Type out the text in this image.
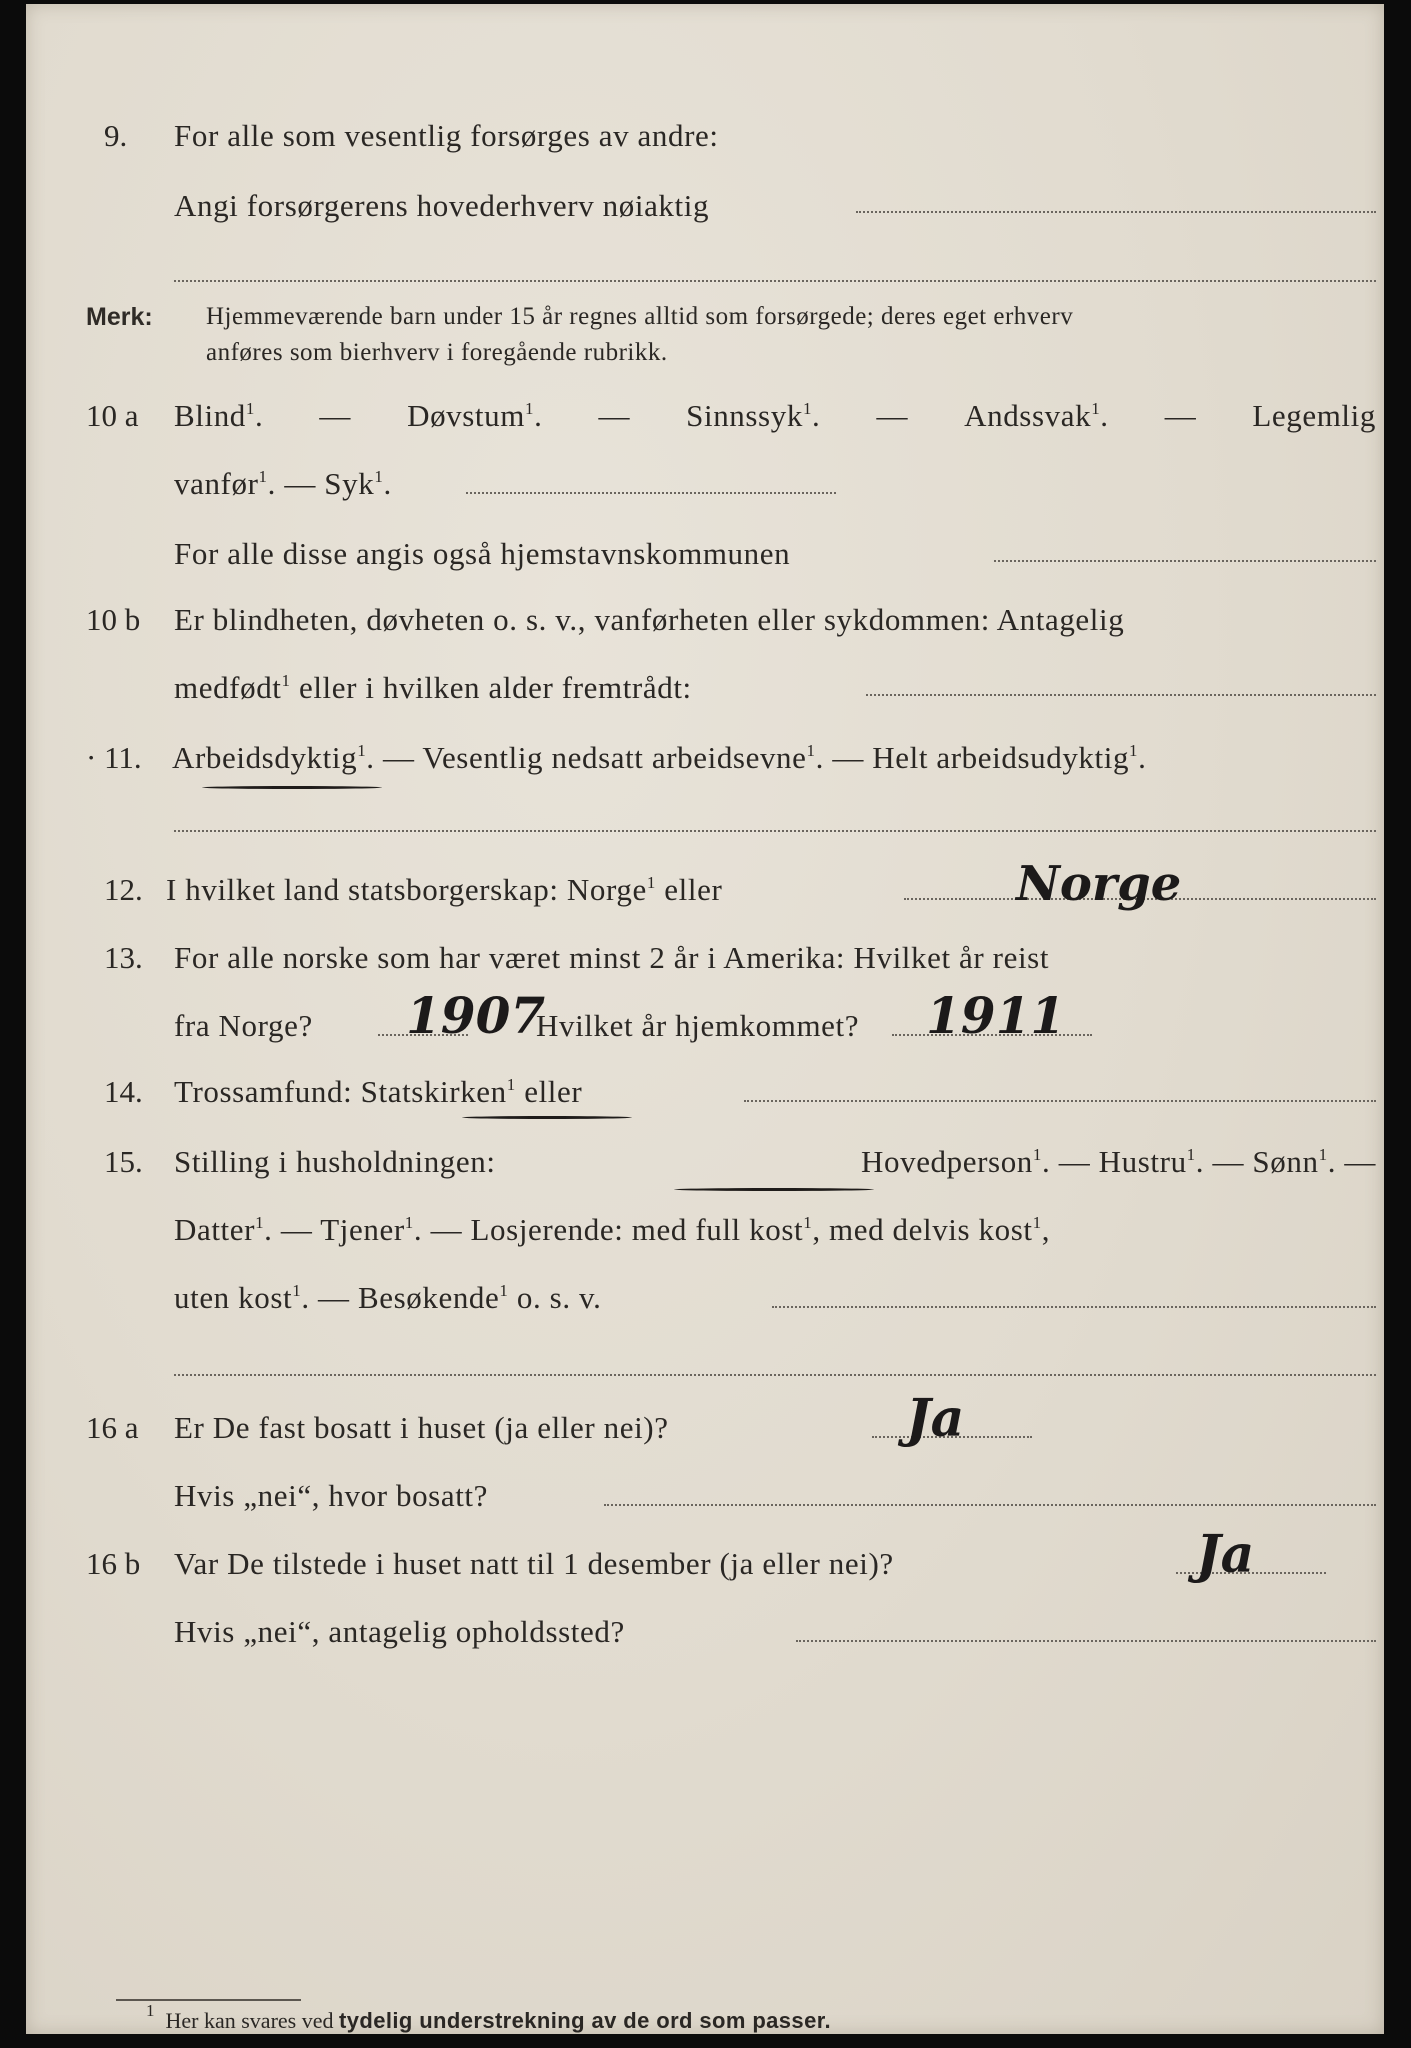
9. For alle som vesentlig forsørges av andre:
Angi forsørgerens hovederhverv nøiaktig
Merk: Hjemmeværende barn under 15 år regnes alltid som forsørgede; deres eget erhverv
anføres som bierhverv i foregående rubrikk.
10 a Blind$^1$. — Døvstum$^1$. — Sinnssyk$^1$. — Andssvak$^1$. — Legemlig
vanfør$^1$. — Syk$^1$.
For alle disse angis også hjemstavnskommunen
10 b Er blindheten, døvheten o. s. v., vanførheten eller sykdommen: Antagelig
medfødt$^1$ eller i hvilken alder fremtrådt:
· 11. Arbeidsdyktig$^1$. — Vesentlig nedsatt arbeidsevne$^1$. — Helt arbeidsudyktig$^1$.
12. I hvilket land statsborgerskap: Norge$^1$ eller	Norge
13. For alle norske som har været minst 2 år i Amerika: Hvilket år reist
fra Norge? 1907
Hvilket år hjemkommet? 1911
14. Trossamfund: Statskirken$^1$ eller
15. Stilling i husholdningen:	Hovedperson$^1$. — Hustru$^1$. — Sønn$^1$. —
Datter$^1$. — Tjener$^1$. — Losjerende: med full kost$^1$, med delvis kost$^1$,
uten kost$^1$. — Besøkende$^1$ o. s. v.
16 a Er De fast bosatt i huset (ja eller nei)?	Ja
Hvis „nei“, hvor bosatt?
16 b Var De tilstede i huset natt til 1 desember (ja eller nei)?	Ja
Hvis „nei“, antagelig opholdssted?
$^1$ Her kan svares ved tydelig understrekning av de ord som passer.
